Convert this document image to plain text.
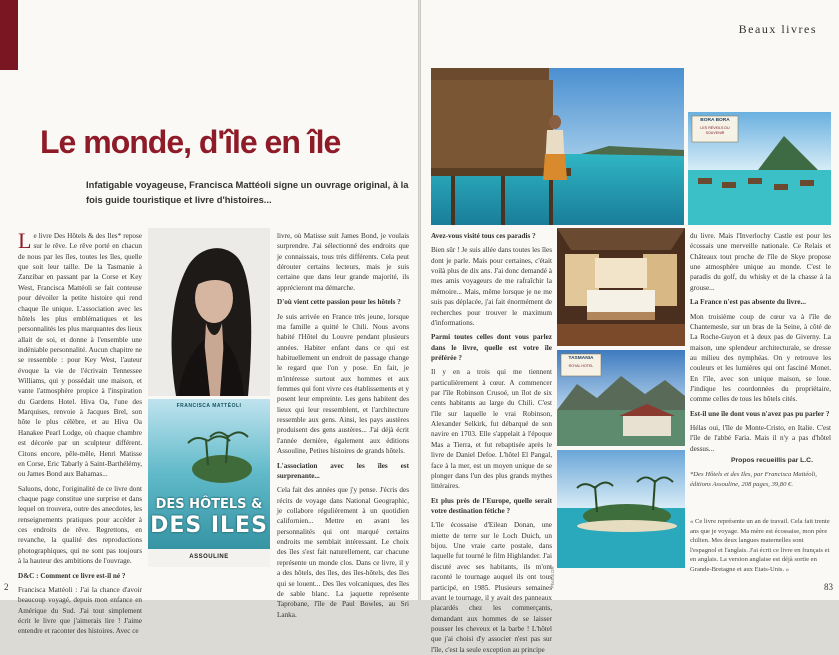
Le monde, d'île en île

Infatigable voyageuse, Francisca Mattéoli signe un ouvrage original, à la fois guide touristique et livre d'histoires...

L e livre Des Hôtels & des Iles* repose sur le rêve. Le rêve porté en chacun de nous par les îles, toutes les îles, quelle que soit leur taille. De la Tasmanie à Zanzibar en passant par la Corse et Key West, Francisca Mattéoli se fait conteuse pour dévoiler la petite histoire qui rend chaque île unique. L'association avec les hôtels les plus emblématiques et les personnalités les plus marquantes des lieux allait de soi, et donne à l'ensemble une indéniable personnalité. Aucun chapitre ne se ressemble : pour Key West, l'auteur évoque la vie de l'écrivain Tennessee Williams, qui y possédait une maison, et vante l'atmosphère propice à l'inspiration du Gardens Hotel. Hiva Oa, l'une des Marquises, renvoie à Jacques Brel, son hôte le plus célèbre, et au Hiva Oa Hanakee Pearl Lodge, où chaque chambre est décorée par un sculpteur différent. Citons encore, pêle-mêle, Henri Matisse en Corse, Eric Tabarly à Saint-Barthélémy, ou James Bond aux Bahamas...

Saluons, donc, l'originalité de ce livre dont chaque page constitue une surprise et dans lequel on trouvera, outre des anecdotes, les renseignements pratiques pour accéder à ces endroits de rêve. Regrettons, en revanche, la qualité des reproductions photographiques, qui ne sont pas toujours à la hauteur des ambitions de l'ouvrage.

D&C : Comment ce livre est-il né ?

Francisca Mattéoli : J'ai la chance d'avoir beaucoup voyagé, depuis mon enfance en Amérique du Sud. J'ai tout simplement écrit le livre que j'aimerais lire ! J'aime entendre et raconter des histoires. Avec ce

FRANCISCA MATTÉOLI
DES HÔTELS &
DES ILES
ASSOULINE

livre, où Matisse suit James Bond, je voulais surprendre. J'ai sélectionné des endroits que je connaissais, tous très différents. Cela peut dérouter certains lecteurs, mais je suis certaine que dans leur grande majorité, ils apprécieront ma démarche.

D'où vient cette passion pour les hôtels ?

Je suis arrivée en France très jeune, lorsque ma famille a quitté le Chili. Nous avons habité l'Hôtel du Louvre pendant plusieurs années. Habiter enfant dans ce qui est habituellement un endroit de passage change le regard que l'on y pose. En fait, je m'intéresse surtout aux hommes et aux femmes qui font vivre ces établissements et y posent leur empreinte. Les gens habitent des lieux qui leur ressemblent, et l'architecture ressemble aux gens. Ainsi, les pays austères produisent des gens austères... J'ai déjà écrit l'année dernière, également aux éditions Assouline, Petites histoires de grands hôtels.

L'association avec les îles est surprenante...

Cela fait des années que j'y pense. J'écris des récits de voyage dans National Geographic, je collabore régulièrement à un quotidien californien... Mettre en avant les personnalités qui ont marqué certains endroits me semblait intéressant. Le choix des îles s'est fait naturellement, car chacune représente un monde clos. Dans ce livre, il y a des hôtels, des îles, des îles-hôtels, des îles qui se louent... Des îles volcaniques, des îles de sable blanc. La jaquette représente Taprobane, l'île de Paul Bowles, au Sri Lanka.

2
Beaux livres
BORA BORA
LES RÉVEILS DU SOUVENIR
TASMANIA
ROYAL HOTEL
Photos DR

Avez-vous visité tous ces paradis ?

Bien sûr ! Je suis allée dans toutes les îles dont je parle. Mais pour certaines, c'était voilà plus de dix ans. J'ai donc demandé à mes amis voyageurs de me rafraîchir la mémoire... Mais, même lorsque je ne me suis pas déplacée, j'ai fait énormément de recherches pour trouver le maximum d'informations.

Parmi toutes celles dont vous parlez dans le livre, quelle est votre île préférée ?

Il y en a trois qui me tiennent particulièrement à cœur. A commencer par l'île Robinson Crusoé, un îlot de six cents habitants au large du Chili. C'est l'île sur laquelle le vrai Robinson, Alexander Selkirk, fut débarqué de son navire en 1703. Elle s'appelait à l'époque Mas a Tierra, et fut rebaptisée après le livre de Daniel Defoe. L'hôtel El Pangal, face à la mer, est un moyen unique de se plonger dans l'un des plus grands mythes littéraires.

Et plus près de l'Europe, quelle serait votre destination fétiche ?

L'île écossaise d'Eilean Donan, une miette de terre sur le Loch Duich, un bijou. Une vraie carte postale, dans laquelle fut tourné le film Highlander. J'ai discuté avec ses habitants, ils m'ont raconté le tournage auquel ils ont tous participé, en 1985. Plusieurs semaines avant le tournage, il y avait des panneaux placardés chez les commerçants, demandant aux hommes de se laisser pousser les cheveux et la barbe ! L'hôtel que j'ai choisi d'y associer n'est pas sur l'île, c'est la seule exception au principe

du livre. Mais l'Inverlochy Castle est pour les écossais une merveille nationale. Ce Relais et Châteaux tout proche de l'île de Skye propose une atmosphère unique au monde. C'est le paradis du golf, du whisky et de la chasse à la grouse...

La France n'est pas absente du livre...

Mon troisième coup de cœur va à l'île de Chantemesle, sur un bras de la Seine, à côté de La Roche-Guyon et à deux pas de Giverny. La maison, une splendeur architecturale, se dresse au milieu des nymphéas. On y retrouve les couleurs et les lumières qui ont fasciné Monet. En l'île, avec son unique maison, se loue. J'indique les coordonnées du propriétaire, comme celles de tous les hôtels cités.

Est-il une île dont vous n'avez pas pu parler ?

Hélas oui, l'île de Monte-Cristo, en Italie. C'est l'île de l'abbé Faria. Mais il n'y a pas d'hôtel dessus...

Propos recueillis par L.C.
*Des Hôtels et des Iles, par Francisca Mattéoli, éditions Assouline, 208 pages, 39,80 €.
« Ce livre représente un an de travail. Cela fait trente ans que je voyage. Ma mère est écossaise, mon père chilien. Mes deux langues maternelles sont l'espagnol et l'anglais. J'ai écrit ce livre en français et en anglais. La version anglaise est déjà sortie en Grande-Bretagne et aux Etats-Unis. »
83
